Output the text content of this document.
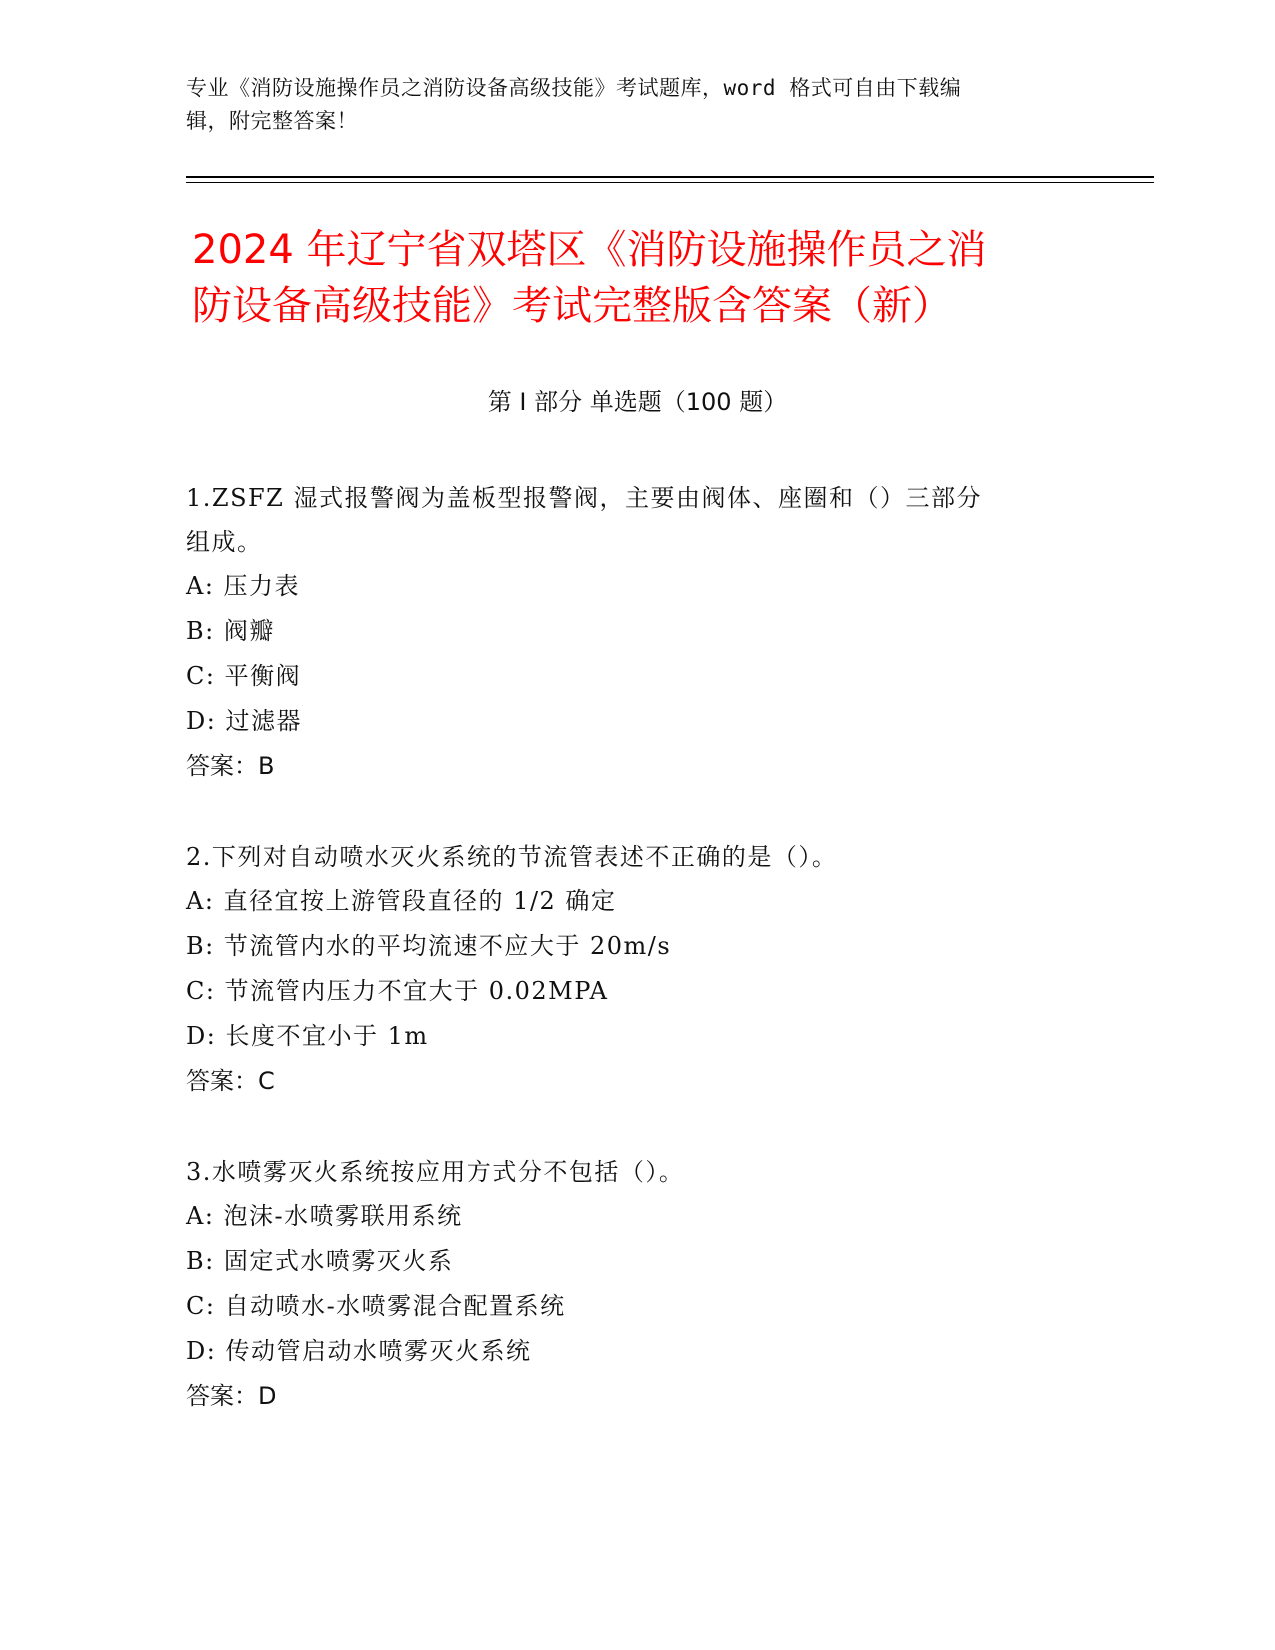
专业《消防设施操作员之消防设备高级技能》考试题库，word 格式可自由下载编
辑，附完整答案！
2024 年辽宁省双塔区《消防设施操作员之消
防设备高级技能》考试完整版含答案（新）
第 I 部分 单选题（100 题）

1.ZSFZ 湿式报警阀为盖板型报警阀，主要由阀体、座圈和（）三部分
组成。

A: 压力表

B: 阀瓣

C: 平衡阀

D: 过滤器

答案：B

2.下列对自动喷水灭火系统的节流管表述不正确的是（）。

A: 直径宜按上游管段直径的 1/2 确定

B: 节流管内水的平均流速不应大于 20m/s

C: 节流管内压力不宜大于 0.02MPA

D: 长度不宜小于 1m

答案：C

3.水喷雾灭火系统按应用方式分不包括（）。

A: 泡沫-水喷雾联用系统

B: 固定式水喷雾灭火系

C: 自动喷水-水喷雾混合配置系统

D: 传动管启动水喷雾灭火系统

答案：D
